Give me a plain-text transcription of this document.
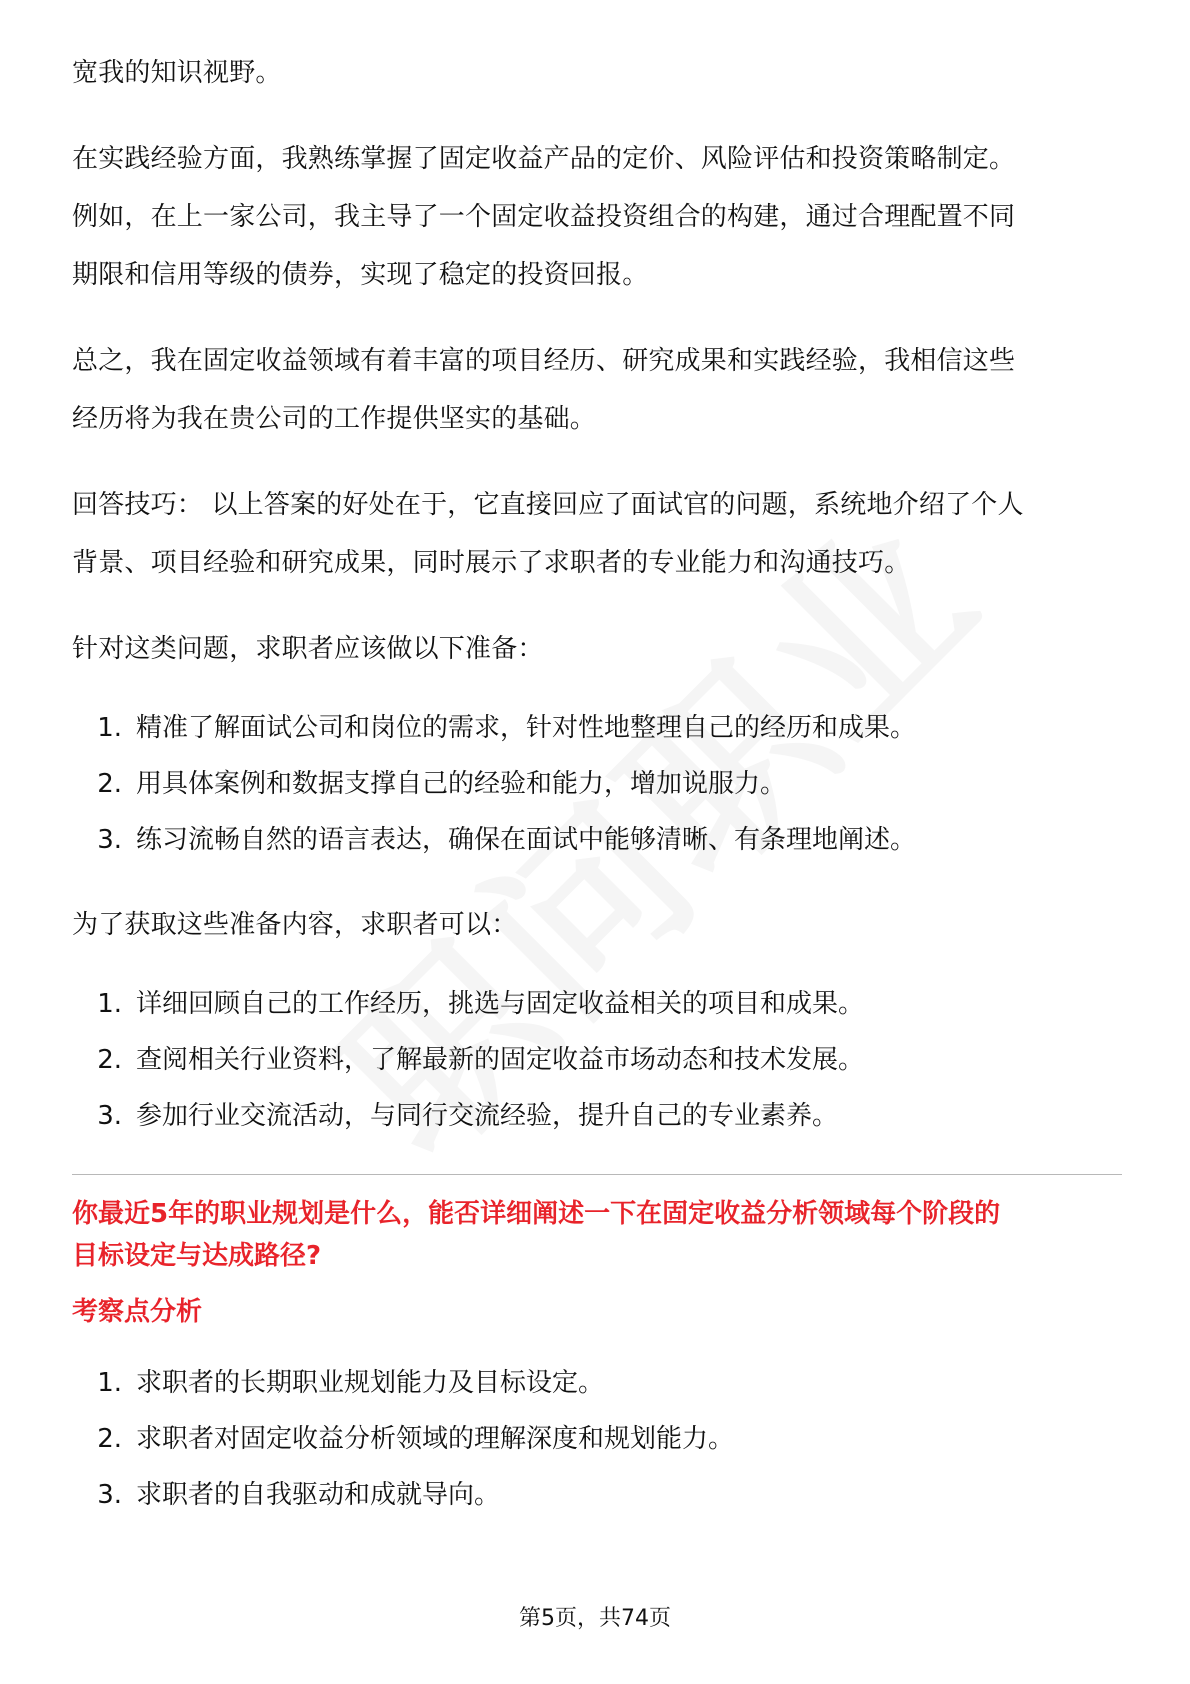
宽我的知识视野。

在实践经验方面，我熟练掌握了固定收益产品的定价、风险评估和投资策略制定。

例如，在上一家公司，我主导了一个固定收益投资组合的构建，通过合理配置不同

期限和信用等级的债券，实现了稳定的投资回报。

总之，我在固定收益领域有着丰富的项目经历、研究成果和实践经验，我相信这些

经历将为我在贵公司的工作提供坚实的基础。

回答技巧： 以上答案的好处在于，它直接回应了面试官的问题，系统地介绍了个人

背景、项目经验和研究成果，同时展示了求职者的专业能力和沟通技巧。

针对这类问题，求职者应该做以下准备：

1. 精准了解面试公司和岗位的需求，针对性地整理自己的经历和成果。
2. 用具体案例和数据支撑自己的经验和能力，增加说服力。
3. 练习流畅自然的语言表达，确保在面试中能够清晰、有条理地阐述。

为了获取这些准备内容，求职者可以：

1. 详细回顾自己的工作经历，挑选与固定收益相关的项目和成果。
2. 查阅相关行业资料，了解最新的固定收益市场动态和技术发展。
3. 参加行业交流活动，与同行交流经验，提升自己的专业素养。

你最近5年的职业规划是什么，能否详细阐述一下在固定收益分析领域每个阶段的

目标设定与达成路径?

考察点分析

1. 求职者的长期职业规划能力及目标设定。
2. 求职者对固定收益分析领域的理解深度和规划能力。
3. 求职者的自我驱动和成就导向。
第5页，共74页
